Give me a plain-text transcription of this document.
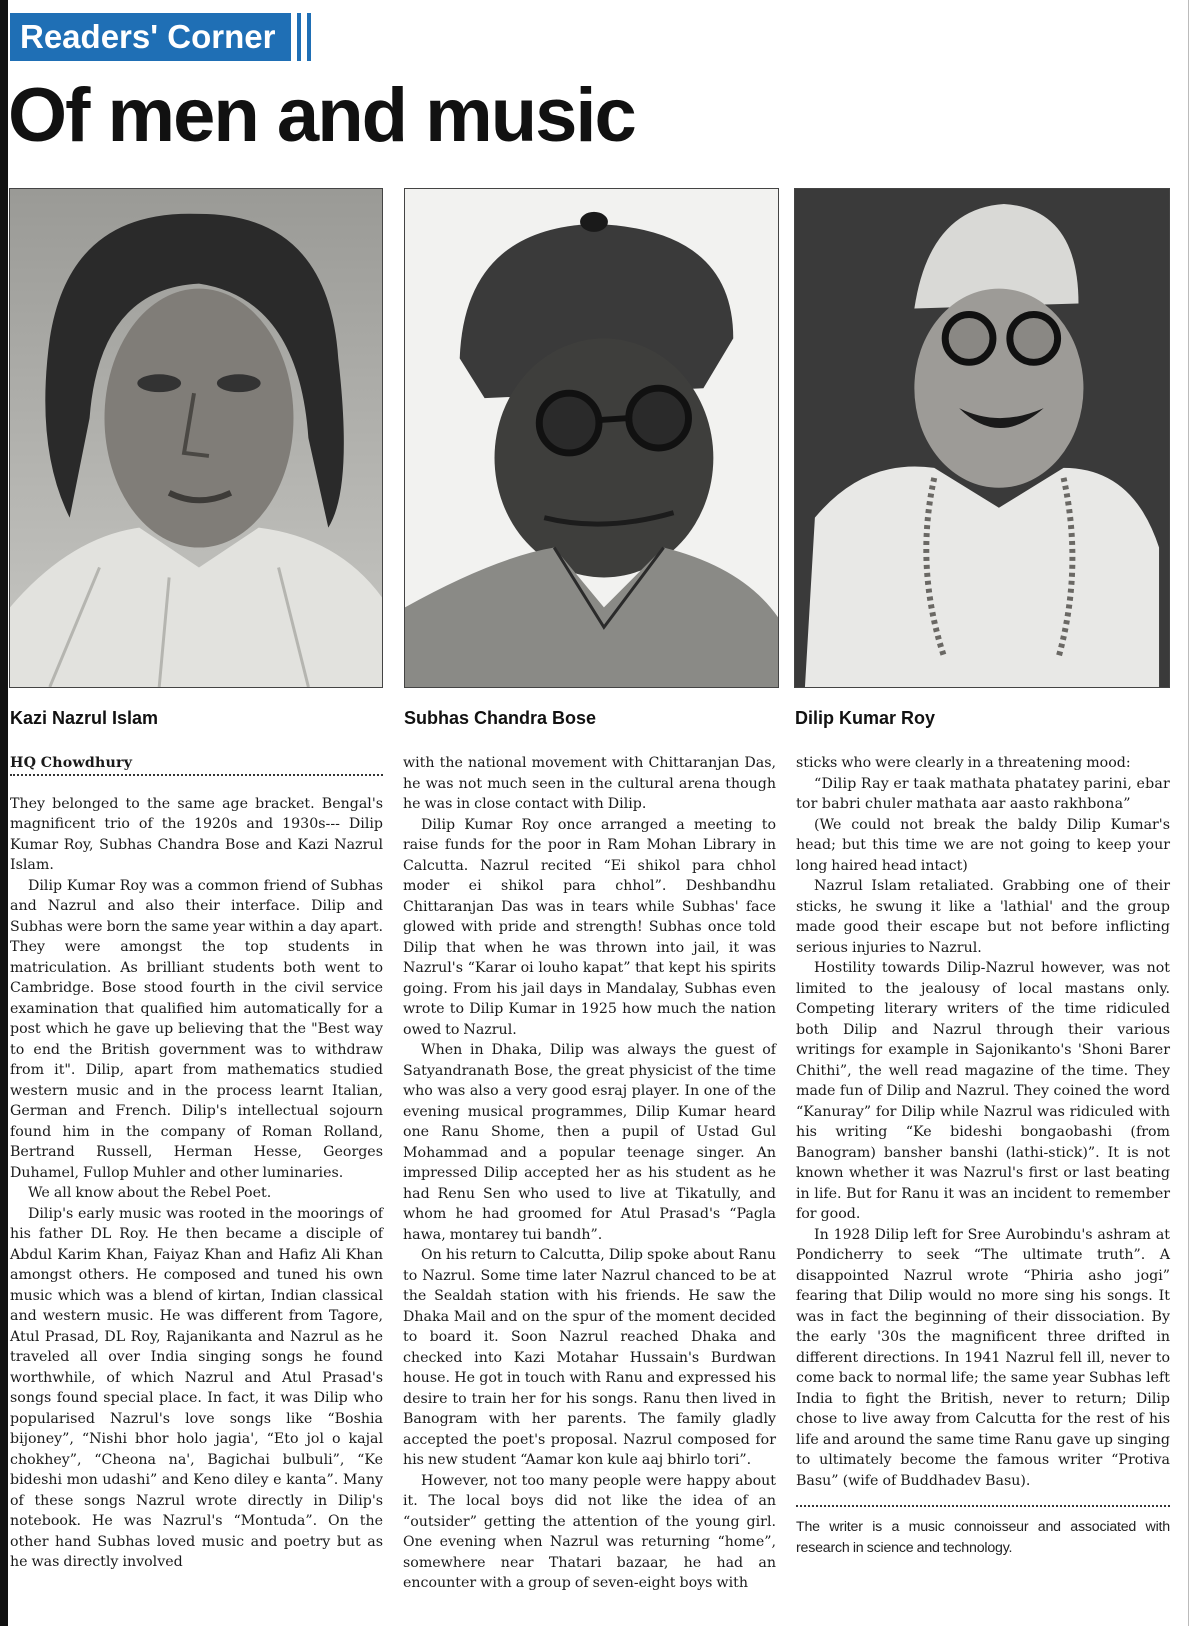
Readers' Corner
Of men and music

Kazi Nazrul Islam	Subhas Chandra Bose	Dilip Kumar Roy

HQ Chowdhury

They belonged to the same age bracket. Bengal's magnificent trio of the 1920s and 1930s--- Dilip Kumar Roy, Subhas Chandra Bose and Kazi Nazrul Islam.

Dilip Kumar Roy was a common friend of Subhas and Nazrul and also their interface. Dilip and Subhas were born the same year within a day apart. They were amongst the top students in matriculation. As brilliant students both went to Cambridge. Bose stood fourth in the civil service examination that qualified him automatically for a post which he gave up believing that the "Best way to end the British government was to withdraw from it". Dilip, apart from mathematics studied western music and in the process learnt Italian, German and French. Dilip's intellectual sojourn found him in the company of Roman Rolland, Bertrand Russell, Herman Hesse, Georges Duhamel, Fullop Muhler and other luminaries.

We all know about the Rebel Poet.

Dilip's early music was rooted in the moorings of his father DL Roy. He then became a disciple of Abdul Karim Khan, Faiyaz Khan and Hafiz Ali Khan amongst others. He composed and tuned his own music which was a blend of kirtan, Indian classical and western music. He was different from Tagore, Atul Prasad, DL Roy, Rajanikanta and Nazrul as he traveled all over India singing songs he found worthwhile, of which Nazrul and Atul Prasad's songs found special place. In fact, it was Dilip who popularised Nazrul's love songs like “Boshia bijoney”, “Nishi bhor holo jagia', “Eto jol o kajal chokhey”, “Cheona na', Bagichai bulbuli”, “Ke bideshi mon udashi” and Keno diley e kanta”. Many of these songs Nazrul wrote directly in Dilip's notebook. He was Nazrul's “Montuda”. On the other hand Subhas loved music and poetry but as he was directly involved

with the national movement with Chittaranjan Das, he was not much seen in the cultural arena though he was in close contact with Dilip.

Dilip Kumar Roy once arranged a meeting to raise funds for the poor in Ram Mohan Library in Calcutta. Nazrul recited “Ei shikol para chhol moder ei shikol para chhol”. Deshbandhu Chittaranjan Das was in tears while Subhas' face glowed with pride and strength! Subhas once told Dilip that when he was thrown into jail, it was Nazrul's “Karar oi louho kapat” that kept his spirits going. From his jail days in Mandalay, Subhas even wrote to Dilip Kumar in 1925 how much the nation owed to Nazrul.

When in Dhaka, Dilip was always the guest of Satyandranath Bose, the great physicist of the time who was also a very good esraj player. In one of the evening musical programmes, Dilip Kumar heard one Ranu Shome, then a pupil of Ustad Gul Mohammad and a popular teenage singer. An impressed Dilip accepted her as his student as he had Renu Sen who used to live at Tikatully, and whom he had groomed for Atul Prasad's “Pagla hawa, montarey tui bandh”.

On his return to Calcutta, Dilip spoke about Ranu to Nazrul. Some time later Nazrul chanced to be at the Sealdah station with his friends. He saw the Dhaka Mail and on the spur of the moment decided to board it. Soon Nazrul reached Dhaka and checked into Kazi Motahar Hussain's Burdwan house. He got in touch with Ranu and expressed his desire to train her for his songs. Ranu then lived in Banogram with her parents. The family gladly accepted the poet's proposal. Nazrul composed for his new student “Aamar kon kule aaj bhirlo tori”.

However, not too many people were happy about it. The local boys did not like the idea of an “outsider” getting the attention of the young girl. One evening when Nazrul was returning “home”, somewhere near Thatari bazaar, he had an encounter with a group of seven-eight boys with

sticks who were clearly in a threatening mood:

“Dilip Ray er taak mathata phatatey parini, ebar tor babri chuler mathata aar aasto rakhbona”

(We could not break the baldy Dilip Kumar's head; but this time we are not going to keep your long haired head intact)

Nazrul Islam retaliated. Grabbing one of their sticks, he swung it like a 'lathial' and the group made good their escape but not before inflicting serious injuries to Nazrul.

Hostility towards Dilip-Nazrul however, was not limited to the jealousy of local mastans only. Competing literary writers of the time ridiculed both Dilip and Nazrul through their various writings for example in Sajonikanto's 'Shoni Barer Chithi”, the well read magazine of the time. They made fun of Dilip and Nazrul. They coined the word “Kanuray” for Dilip while Nazrul was ridiculed with his writing “Ke bideshi bongaobashi (from Banogram) bansher banshi (lathi-stick)”. It is not known whether it was Nazrul's first or last beating in life. But for Ranu it was an incident to remember for good.

In 1928 Dilip left for Sree Aurobindu's ashram at Pondicherry to seek “The ultimate truth”. A disappointed Nazrul wrote “Phiria asho jogi” fearing that Dilip would no more sing his songs. It was in fact the beginning of their dissociation. By the early '30s the magnificent three drifted in different directions. In 1941 Nazrul fell ill, never to come back to normal life; the same year Subhas left India to fight the British, never to return; Dilip chose to live away from Calcutta for the rest of his life and around the same time Ranu gave up singing to ultimately become the famous writer “Protiva Basu” (wife of Buddhadev Basu).

The writer is a music connoisseur and associated with research in science and technology.
